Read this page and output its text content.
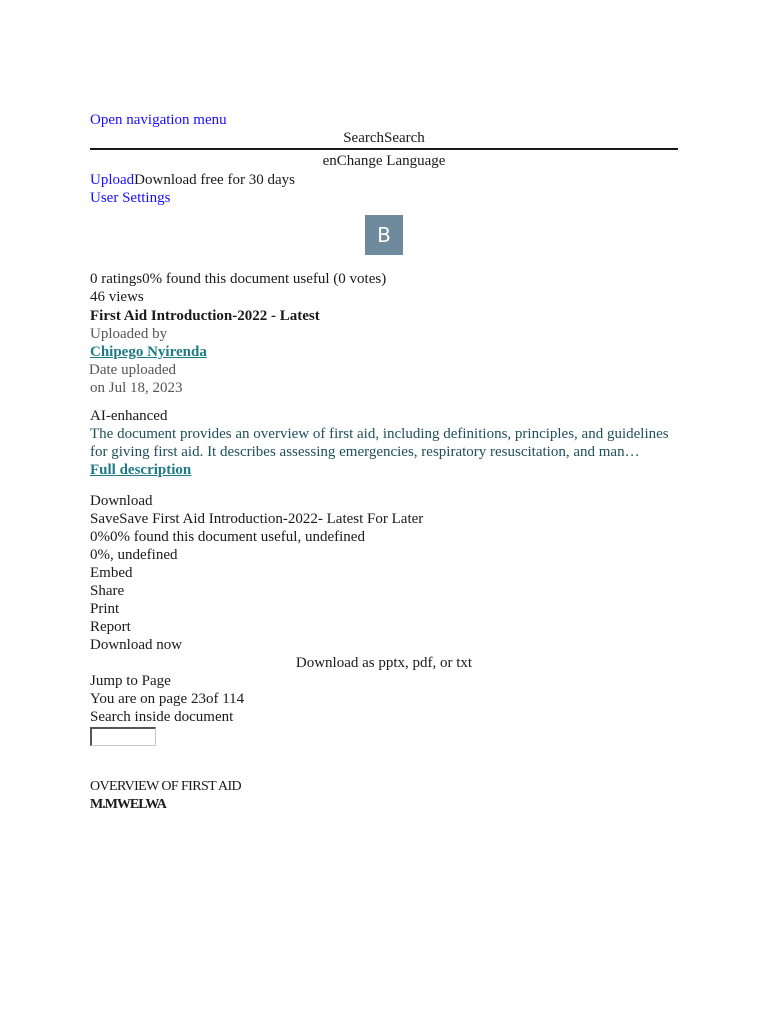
Open navigation menu
SearchSearch
enChange Language
UploadDownload free for 30 days
User Settings
B
0 ratings0% found this document useful (0 votes)
46 views
First Aid Introduction-2022 - Latest
Uploaded by
Chipego Nyirenda
Date uploaded
on Jul 18, 2023
AI-enhanced
The document provides an overview of first aid, including definitions, principles, and guidelines for giving first aid. It describes assessing emergencies, respiratory resuscitation, and man…
Full description
Download
SaveSave First Aid Introduction-2022- Latest For Later
0%0% found this document useful, undefined
0%, undefined
Embed
Share
Print
Report
Download now
Download as pptx, pdf, or txt
Jump to Page
You are on page 23of 114
Search inside document
OVERVIEW OF FIRST AID
M.MWELWA
